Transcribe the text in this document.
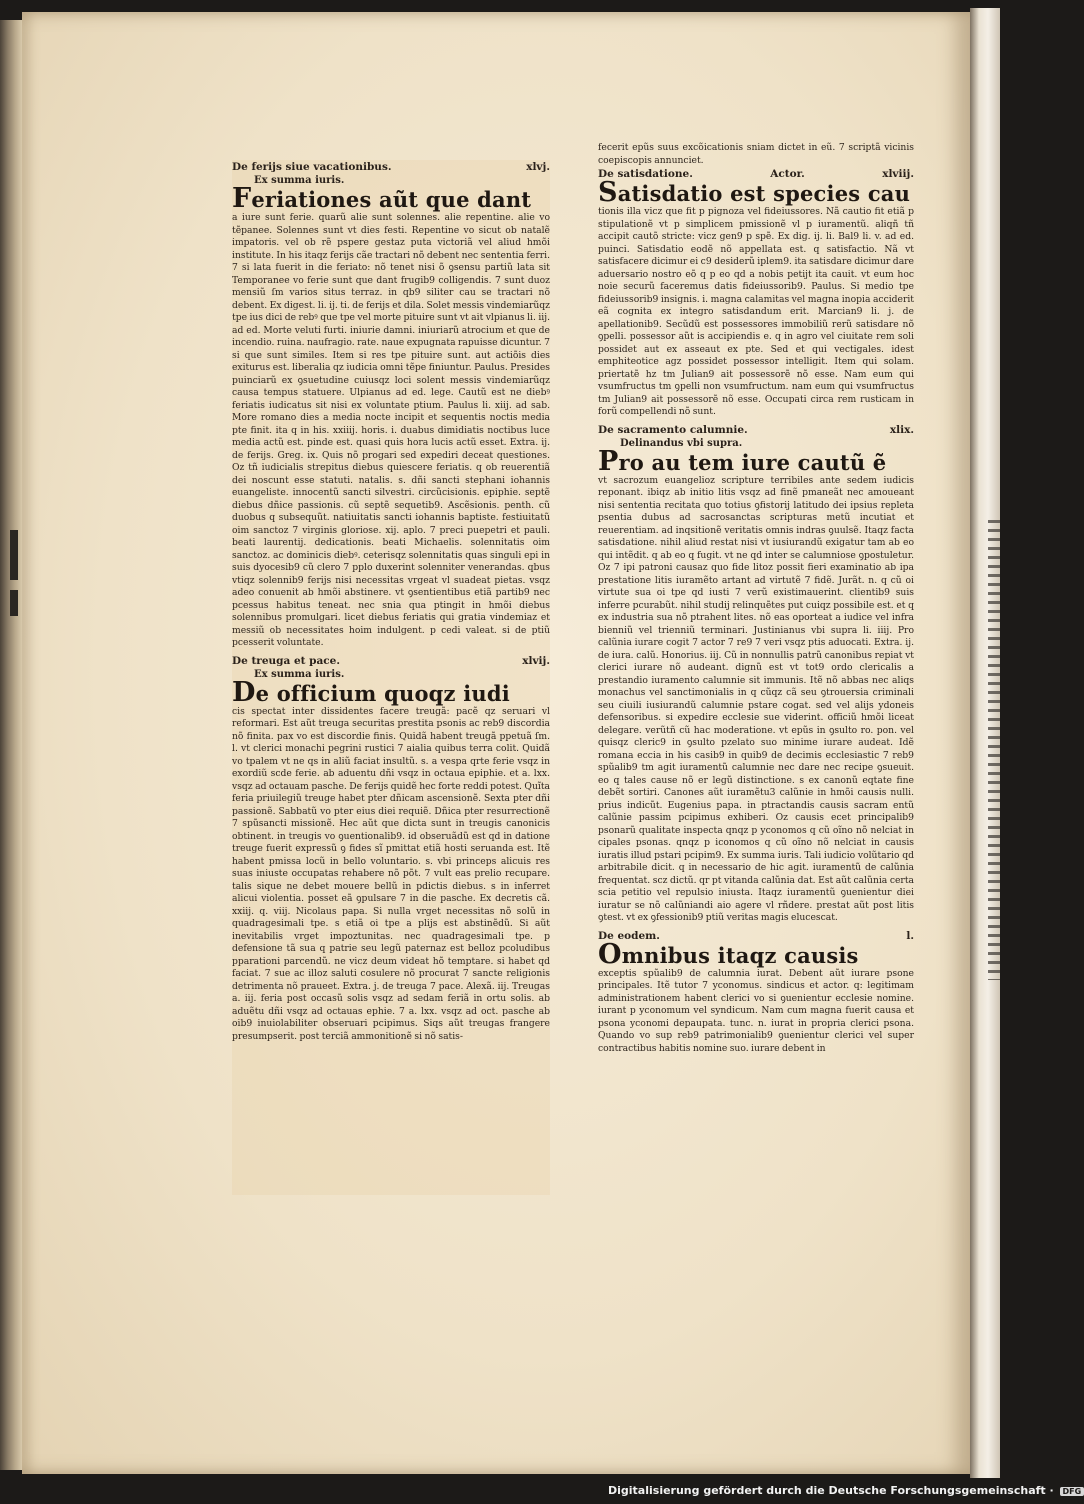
De ferijs siue vacationibus.	xlvj.
Ex summa iuris.
Feriationes aũt que dant

a iure sunt ferie. quarũ alie sunt solennes. alie repentine. alie vo tẽpanee. Solennes sunt vt dies festi. Repentine vo sicut ob natalẽ impatoris. vel ob rẽ pspere gestaz puta victoriã vel aliud hmõi institute. In his itaqz ferijs cãe tractari nõ debent nec sententia ferri. 7 si lata fuerit in die feriato: nõ tenet nisi õ ꝯsensu partiũ lata sit Temporanee vo ferie sunt que dant frugib9 colligendis. 7 sunt duoz mensiũ ſm varios situs terraz. in qb9 siliter cau se tractari nõ debent. Ex digest. li. ij. ti. de ferijs et dila. Solet messis vindemiarũqz tpe ius dici de rebꝰ que tpe vel morte pituire sunt vt ait vlpianus li. iij. ad ed. Morte veluti furti. iniurie damni. iniuriarũ atrocium et que de incendio. ruina. naufragio. rate. naue expugnata rapuisse dicuntur. 7 si que sunt similes. Item si res tpe pituire sunt. aut actiõis dies exiturus est. liberalia qz iudicia omni tẽpe finiuntur. Paulus. Presides puinciarũ ex ꝯsuetudine cuiusqz loci solent messis vindemiarũqz causa tempus statuere. Ulpianus ad ed. lege. Cautũ est ne diebꝰ feriatis iudicatus sit nisi ex voluntate ptium. Paulus li. xiij. ad sab. More romano dies a media nocte incipit et sequentis noctis media pte finit. ita q in his. xxiiij. horis. i. duabus dimidiatis noctibus luce media actũ est. pinde est. quasi quis hora lucis actũ esset. Extra. ij. de ferijs. Greg. ix. Quis nõ progari sed expediri deceat questiones. Oz tñ iudicialis strepitus diebus quiescere feriatis. q ob reuerentiã dei noscunt esse statuti. natalis. s. dñi sancti stephani iohannis euangeliste. innocentũ sancti silvestri. circũcisionis. epiphie. septẽ diebus dñice passionis. cũ septẽ sequetib9. Ascẽsionis. penth. cũ duobus q subsequũt. natiuitatis sancti iohannis baptiste. festiuitatũ oim sanctoz 7 virginis gloriose. xij. aplo. 7 preci puepetri et pauli. beati laurentij. dedicationis. beati Michaelis. solennitatis oim sanctoz. ac dominicis diebꝰ. ceterisqz solennitatis quas singuli epi in suis dyocesib9 cũ clero 7 pplo duxerint solenniter venerandas. qbus vtiqz solennib9 ferijs nisi necessitas vrgeat vl suadeat pietas. vsqz adeo conuenit ab hmõi abstinere. vt ꝯsentientibus etiã partib9 nec pcessus habitus teneat. nec snia qua ptingit in hmõi diebus solennibus promulgari. licet diebus feriatis qui gratia vindemiaz et messiũ ob necessitates hoim indulgent. p cedi valeat. si de ptiũ pcesserit voluntate.

De treuga et pace.	xlvij.
Ex summa iuris.
De officium quoqz iudi

cis spectat inter dissidentes facere treugã: pacẽ qz seruari vl reformari. Est aũt treuga securitas prestita psonis ac reb9 discordia nõ finita. pax vo est discordie finis. Quidã habent treugã ppetuã ſm. l. vt clerici monachi pegrini rustici 7 aialia quibus terra colit. Quidã vo tpalem vt ne qs in aliũ faciat insultũ. s. a vespa qrte ferie vsqz in exordiũ scde ferie. ab aduentu dñi vsqz in octaua epiphie. et a. lxx. vsqz ad octauam pasche. De ferijs quidẽ hec forte reddi potest. Quĩta feria priuilegiũ treuge habet pter dñicam ascensionẽ. Sexta pter dñi passionẽ. Sabbatũ vo pter eius diei requiẽ. Dñica pter resurrectionẽ 7 spũsancti missionẽ. Hec aũt que dicta sunt in treugis canonicis obtinent. in treugis vo ꝯuentionalib9. id obseruãdũ est qd in datione treuge fuerit expressũ ꝯ fides sĩ pmittat etiã hosti seruanda est. Itẽ habent pmissa locũ in bello voluntario. s. vbi princeps alicuis res suas iniuste occupatas rehabere nõ põt. 7 vult eas prelio recupare. talis sique ne debet mouere bellũ in pdictis diebus. s in inferret alicui violentia. posset eã ꝯpulsare 7 in die pasche. Ex decretis cã. xxiij. q. viij. Nicolaus papa. Si nulla vrget necessitas nõ solũ in quadragesimali tpe. s etiã oi tpe a plijs est abstinẽdũ. Si aũt inevitabilis vrget impoztunitas. nec quadragesimali tpe. p defensione tã sua q patrie seu legũ paternaz est belloz pcoludibus pparationi parcendũ. ne vicz deum videat hõ temptare. si habet qd faciat. 7 sue ac illoz saluti cosulere nõ procurat 7 sancte religionis detrimenta nõ praueet. Extra. j. de treuga 7 pace. Alexã. iij. Treugas a. iij. feria post occasũ solis vsqz ad sedam feriã in ortu solis. ab aduẽtu dñi vsqz ad octauas ephie. 7 a. lxx. vsqz ad oct. pasche ab oib9 inuiolabiliter obseruari pcipimus. Siqs aũt treugas frangere presumpserit. post terciã ammonitionẽ si nõ satis-

fecerit epũs suus excõicationis sniam dictet in eũ. 7 scriptã vicinis coepiscopis annunciet.

De satisdatione.	Actor.	xlviij.
Satisdatio est species cau

tionis illa vicz que fit p pignoza vel fideiussores. Nã cautio fit etiã p stipulationẽ vt p simplicem pmissionẽ vl p iuramentũ. aliqñ tñ accipit cautõ stricte: vicz gen9 p spẽ. Ex dig. ij. li. Bal9 li. v. ad ed. puinci. Satisdatio eodẽ nõ appellata est. q satisfactio. Nã vt satisfacere dicimur ei c9 desiderũ iplem9. ita satisdare dicimur dare aduersario nostro eõ q p eo qd a nobis petijt ita cauit. vt eum hoc noie securũ faceremus datis fideiussorib9. Paulus. Si medio tpe fideiussorib9 insignis. i. magna calamitas vel magna inopia acciderit eã cognita ex integro satisdandum erit. Marcian9 li. j. de apellationib9. Secũdũ est possessores immobiliũ rerũ satisdare nõ ꝯpelli. possessor aũt is accipiendis e. q in agro vel ciuitate rem soli possidet aut ex asseaut ex pte. Sed et qui vectigales. idest emphiteotice agz possidet possessor intelligit. Item qui solam. priertatẽ hz tm Julian9 ait possessorẽ nõ esse. Nam eum qui vsumfructus tm ꝯpelli non vsumfructum. nam eum qui vsumfructus tm Julian9 ait possessorẽ nõ esse. Occupati circa rem rusticam in forũ compellendi nõ sunt.

De sacramento calumnie.	xlix.
Delinandus vbi supra.
Pro au tem iure cautũ ẽ

vt sacrozum euangelioz scripture terribiles ante sedem iudicis reponant. ibiqz ab initio litis vsqz ad finẽ pmaneãt nec amoueant nisi sententia recitata quo totius ꝯfistorij latitudo dei ipsius repleta psentia dubus ad sacrosanctas scripturas metũ incutiat et reuerentiam. ad inqsitionẽ veritatis omnis indras ꝯuulsẽ. Itaqz facta satisdatione. nihil aliud restat nisi vt iusiurandũ exigatur tam ab eo qui intẽdit. q ab eo q fugit. vt ne qd inter se calumniose ꝯpostuletur. Oz 7 ipi patroni causaz quo fide litoz possit fieri examinatio ab ipa prestatione litis iuramẽto artant ad virtutẽ 7 fidẽ. Jurãt. n. q cũ oi virtute sua oi tpe qd iusti 7 verũ existimauerint. clientib9 suis inferre pcurabũt. nihil studij relinquẽtes put cuiqz possibile est. et q ex industria sua nõ ptrahent lites. nõ eas oporteat a iudice vel infra bienniũ vel trienniũ terminari. Justinianus vbi supra li. iiij. Pro calũnia iurare cogit 7 actor 7 re9 7 veri vsqz ptis aduocati. Extra. ij. de iura. calũ. Honorius. iij. Cũ in nonnullis patrũ canonibus repiat vt clerici iurare nõ audeant. dignũ est vt tot9 ordo clericalis a prestandio iuramento calumnie sit immunis. Itẽ nõ abbas nec aliqs monachus vel sanctimonialis in q cũqz cã seu ꝯtrouersia criminali seu ciuili iusiurandũ calumnie pstare cogat. sed vel alijs ydoneis defensoribus. si expedire ecclesie sue viderint. officiũ hmõi liceat delegare. verũtñ cũ hac moderatione. vt epũs in ꝯsulto ro. pon. vel quisqz cleric9 in ꝯsulto pzelato suo minime iurare audeat. Idẽ romana eccia in his casib9 in quib9 de decimis ecclesiastic 7 reb9 spũalib9 tm agit iuramentũ calumnie nec dare nec recipe ꝯsueuit. eo q tales cause nõ er legũ distinctione. s ex canonũ eqtate fine debẽt sortiri. Canones aũt iuramẽtu3 calũnie in hmõi causis nulli. prius indicũt. Eugenius papa. in ptractandis causis sacram entũ calũnie passim pcipimus exhiberi. Oz causis ecet principalib9 psonarũ qualitate inspecta qnqz p yconomos q cũ oĩno nõ nelciat in cipales psonas. qnqz p iconomos q cũ oĩno nõ nelciat in causis iuratis illud pstari pcipim9. Ex summa iuris. Tali iudicio volũtario qd arbitrabile dicit. q in necessario de hic agit. iuramentũ de calũnia frequentat. scz dictũ. qr pt vitanda calũnia dat. Est aũt calũnia certa scia petitio vel repulsio iniusta. Itaqz iuramentũ ꝯuenientur diei iuratur se nõ calũniandi aio agere vl rñdere. prestat aũt post litis ꝯtest. vt ex ꝯfessionib9 ptiũ veritas magis elucescat.

De eodem.	l.
Omnibus itaqz causis

exceptis spũalib9 de calumnia iurat. Debent aũt iurare psone principales. Itẽ tutor 7 yconomus. sindicus et actor. q: legitimam administrationem habent clerici vo si ꝯuenientur ecclesie nomine. iurant p yconomum vel syndicum. Nam cum magna fuerit causa et psona yconomi depaupata. tunc. n. iurat in propria clerici psona. Quando vo sup reb9 patrimonialib9 ꝯuenientur clerici vel super contractibus habitis nomine suo. iurare debent in

Digitalisierung gefördert durch die Deutsche Forschungsgemeinschaft · DFG
